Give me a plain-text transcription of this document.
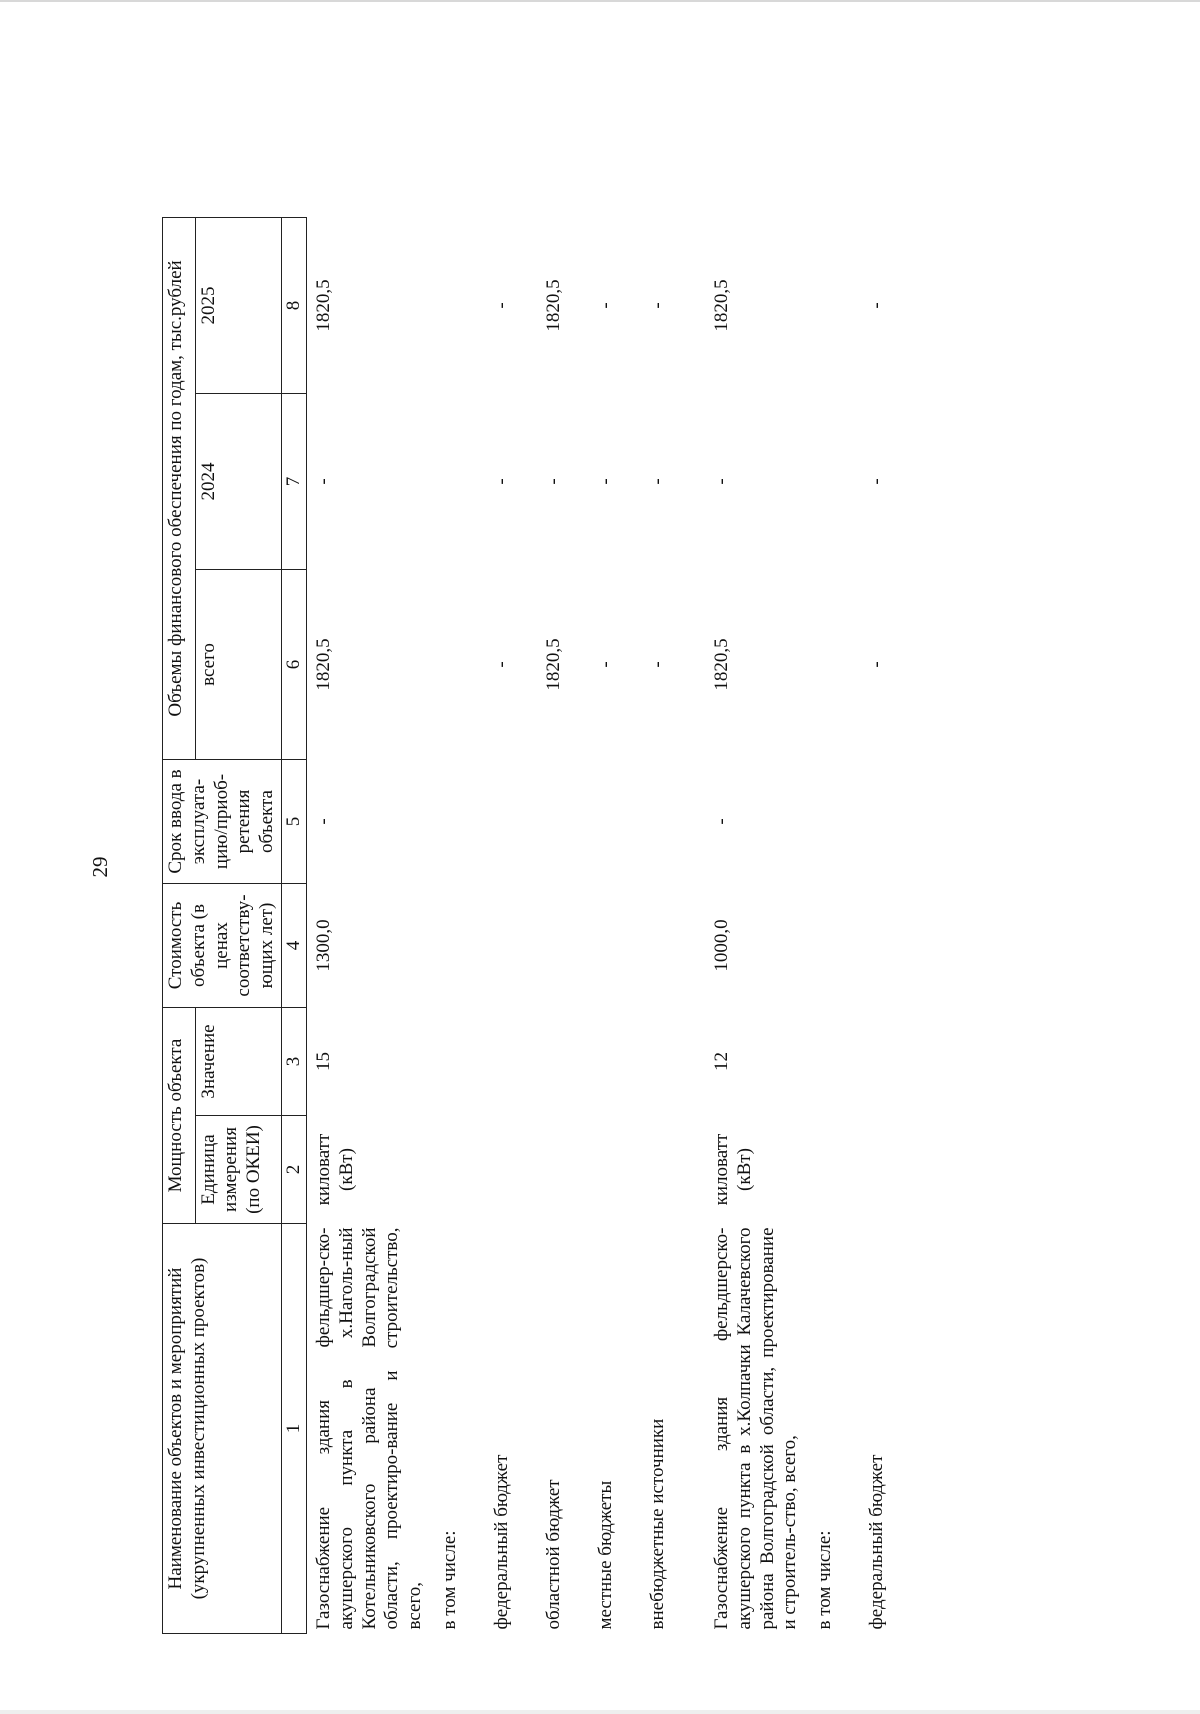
29
Наименование объектов и мероприятий (укрупненных инвестиционных проектов)	Мощность объекта		Стоимость объекта (в ценах соответству-ющих лет)	Срок ввода в эксплуата-цию/приоб-ретения объекта	Объемы финансового обеспечения по годам, тыс.рублей		
	Единица измерения (по ОКЕИ)	Значение			всего	2024	2025
1	2	3	4	5	6	7	8
Газоснабжение здания фельдшер-ско-акушерского пункта в х.Наголь-ный Котельниковского района Волгоградской области, проектиро-вание и строительство, всего,	киловатт (кВт)	15	1300,0	-	1820,5	-	1820,5
в том числе:							
федеральный бюджет					-	-	-
областной бюджет					1820,5	-	1820,5
местные бюджеты					-	-	-
внебюджетные источники					-	-	-

Газоснабжение здания фельдшерско-акушерского пункта в х.Колпачки Калачевского района Волгоградской области, проектирование и строитель-ство, всего,	киловатт (кВт)	12	1000,0	-	1820,5	-	1820,5
в том числе:							
федеральный бюджет					-	-	-
